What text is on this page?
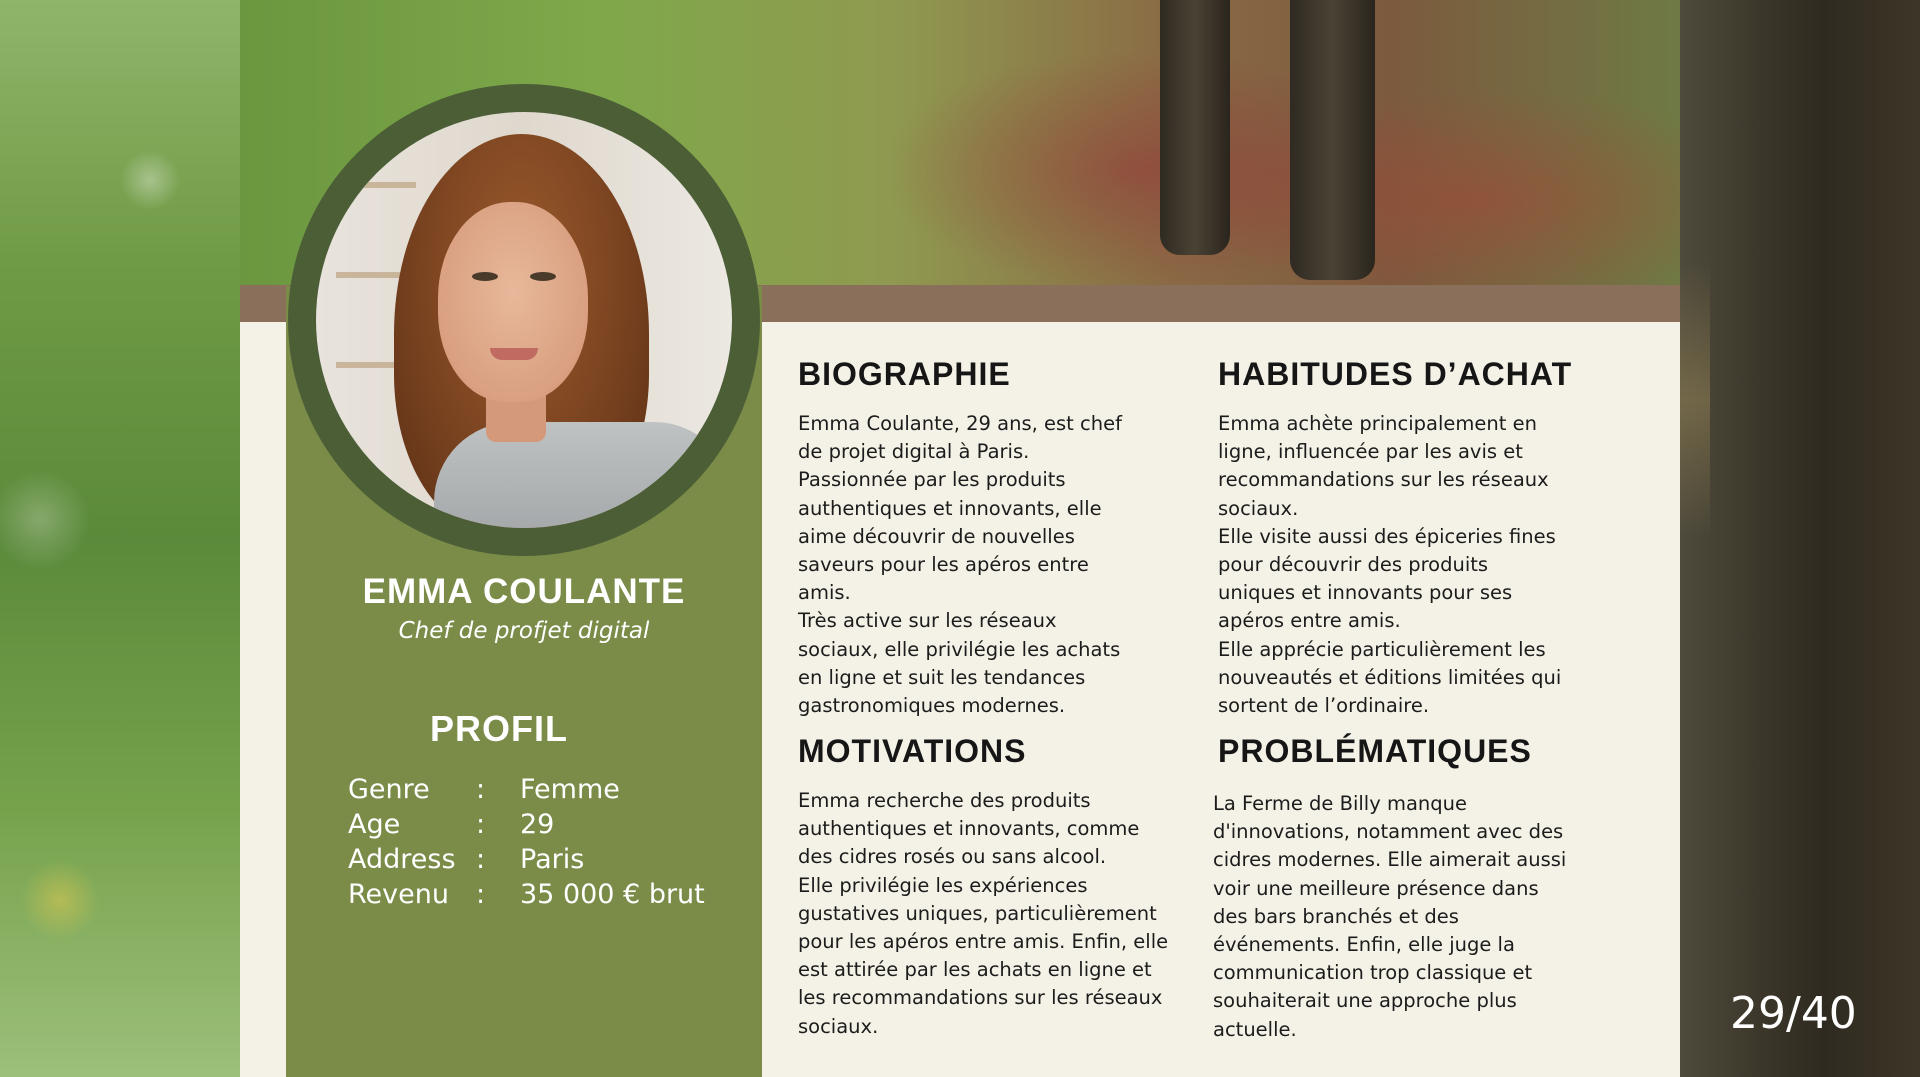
EMMA COULANTE
Chef de profjet digital
PROFIL
Genre : Femme
Age	: 29
Address : Paris
Revenu : 35 000 € brut
BIOGRAPHIE
Emma Coulante, 29 ans, est chef
de projet digital à Paris.
Passionnée par les produits
authentiques et innovants, elle
aime découvrir de nouvelles
saveurs pour les apéros entre
amis.
Très active sur les réseaux
sociaux, elle privilégie les achats
en ligne et suit les tendances
gastronomiques modernes.
HABITUDES D’ACHAT
Emma achète principalement en
ligne, influencée par les avis et
recommandations sur les réseaux
sociaux.
Elle visite aussi des épiceries fines
pour découvrir des produits
uniques et innovants pour ses
apéros entre amis.
Elle apprécie particulièrement les
nouveautés et éditions limitées qui
sortent de l’ordinaire.
MOTIVATIONS
Emma recherche des produits
authentiques et innovants, comme
des cidres rosés ou sans alcool.
Elle privilégie les expériences
gustatives uniques, particulièrement
pour les apéros entre amis. Enfin, elle
est attirée par les achats en ligne et
les recommandations sur les réseaux
sociaux.
PROBLÉMATIQUES
La Ferme de Billy manque
d'innovations, notamment avec des
cidres modernes. Elle aimerait aussi
voir une meilleure présence dans
des bars branchés et des
événements. Enfin, elle juge la
communication trop classique et
souhaiterait une approche plus
actuelle.	29/40
